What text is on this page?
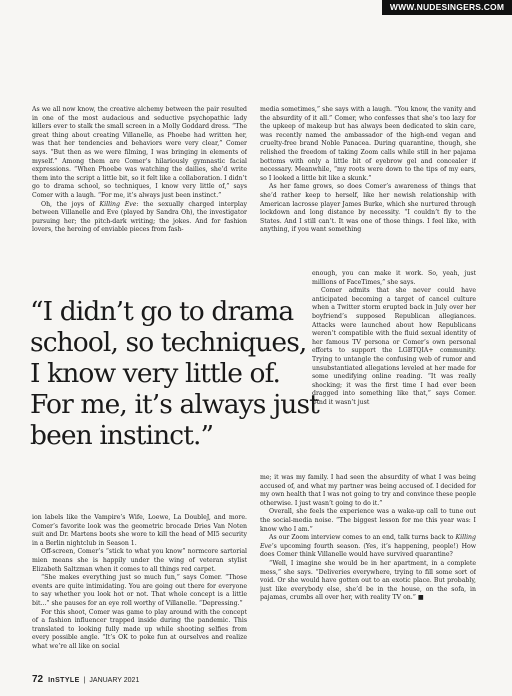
WWW.NUDESINGERS.COM

As we all now know, the creative alchemy between the pair resulted in one of the most audacious and seductive psychopathic lady killers ever to stalk the small screen in a Molly Goddard dress. “The great thing about creating Villanelle, as Phoebe had written her, was that her tendencies and behaviors were very clear,” Comer says. “But then as we were filming, I was bringing in elements of myself.” Among them are Comer’s hilariously gymnastic facial expressions. “When Phoebe was watching the dailies, she’d write them into the script a little bit, so it felt like a collaboration. I didn’t go to drama school, so techniques, I know very little of,” says Comer with a laugh. “For me, it’s always just been instinct.”

Oh, the joys of Killing Eve: the sexually charged interplay between Villanelle and Eve (played by Sandra Oh), the investigator pursuing her; the pitch-dark writing; the jokes. And for fashion lovers, the heroing of enviable pieces from fash-

“I didn’t go to drama school, so techniques, I know very little of. For me, it’s always just been instinct.”

ion labels like the Vampire’s Wife, Loewe, La DoubleJ, and more. Comer’s favorite look was the geometric brocade Dries Van Noten suit and Dr. Martens boots she wore to kill the head of MI5 security in a Berlin nightclub in Season 1.

Off-screen, Comer’s “stick to what you know” normcore sartorial mien means she is happily under the wing of veteran stylist Elizabeth Saltzman when it comes to all things red carpet.

“She makes everything just so much fun,” says Comer. “Those events are quite intimidating. You are going out there for everyone to say whether you look hot or not. That whole concept is a little bit...” she pauses for an eye roll worthy of Villanelle. “Depressing.”

For this shoot, Comer was game to play around with the concept of a fashion influencer trapped inside during the pandemic. This translated to looking fully made up while shooting selfies from every possible angle. “It’s OK to poke fun at ourselves and realize what we’re all like on social

media sometimes,” she says with a laugh. “You know, the vanity and the absurdity of it all.” Comer, who confesses that she’s too lazy for the upkeep of makeup but has always been dedicated to skin care, was recently named the ambassador of the high-end vegan and cruelty-free brand Noble Panacea. During quarantine, though, she relished the freedom of taking Zoom calls while still in her pajama bottoms with only a little bit of eyebrow gel and concealer if necessary. Meanwhile, “my roots were down to the tips of my ears, so I looked a little bit like a skunk.”

As her fame grows, so does Comer’s awareness of things that she’d rather keep to herself, like her newish relationship with American lacrosse player James Burke, which she nurtured through lockdown and long distance by necessity. “I couldn’t fly to the States. And I still can’t. It was one of those things. I feel like, with anything, if you want something

enough, you can make it work. So, yeah, just millions of FaceTimes,” she says.

Comer admits that she never could have anticipated becoming a target of cancel culture when a Twitter storm erupted back in July over her boyfriend’s supposed Republican allegiances. Attacks were launched about how Republicans weren’t compatible with the fluid sexual identity of her famous TV persona or Comer’s own personal efforts to support the LGBTQIA+ community. Trying to untangle the confusing web of rumor and unsubstantiated allegations leveled at her made for some unedifying online reading. “It was really shocking; it was the first time I had ever been dragged into something like that,” says Comer. “And it wasn’t just

me; it was my family. I had seen the absurdity of what I was being accused of, and what my partner was being accused of. I decided for my own health that I was not going to try and convince these people otherwise. I just wasn’t going to do it.”

Overall, she feels the experience was a wake-up call to tune out the social-media noise. “The biggest lesson for me this year was: I know who I am.”

As our Zoom interview comes to an end, talk turns back to Killing Eve’s upcoming fourth season. (Yes, it’s happening, people!) How does Comer think Villanelle would have survived quarantine?

“Well, I imagine she would be in her apartment, in a complete mess,” she says. “Deliveries everywhere, trying to fill some sort of void. Or she would have gotten out to an exotic place. But probably, just like everybody else, she’d be in the house, on the sofa, in pajamas, crumbs all over her, with reality TV on.” ■

72 InSTYLE | JANUARY 2021
